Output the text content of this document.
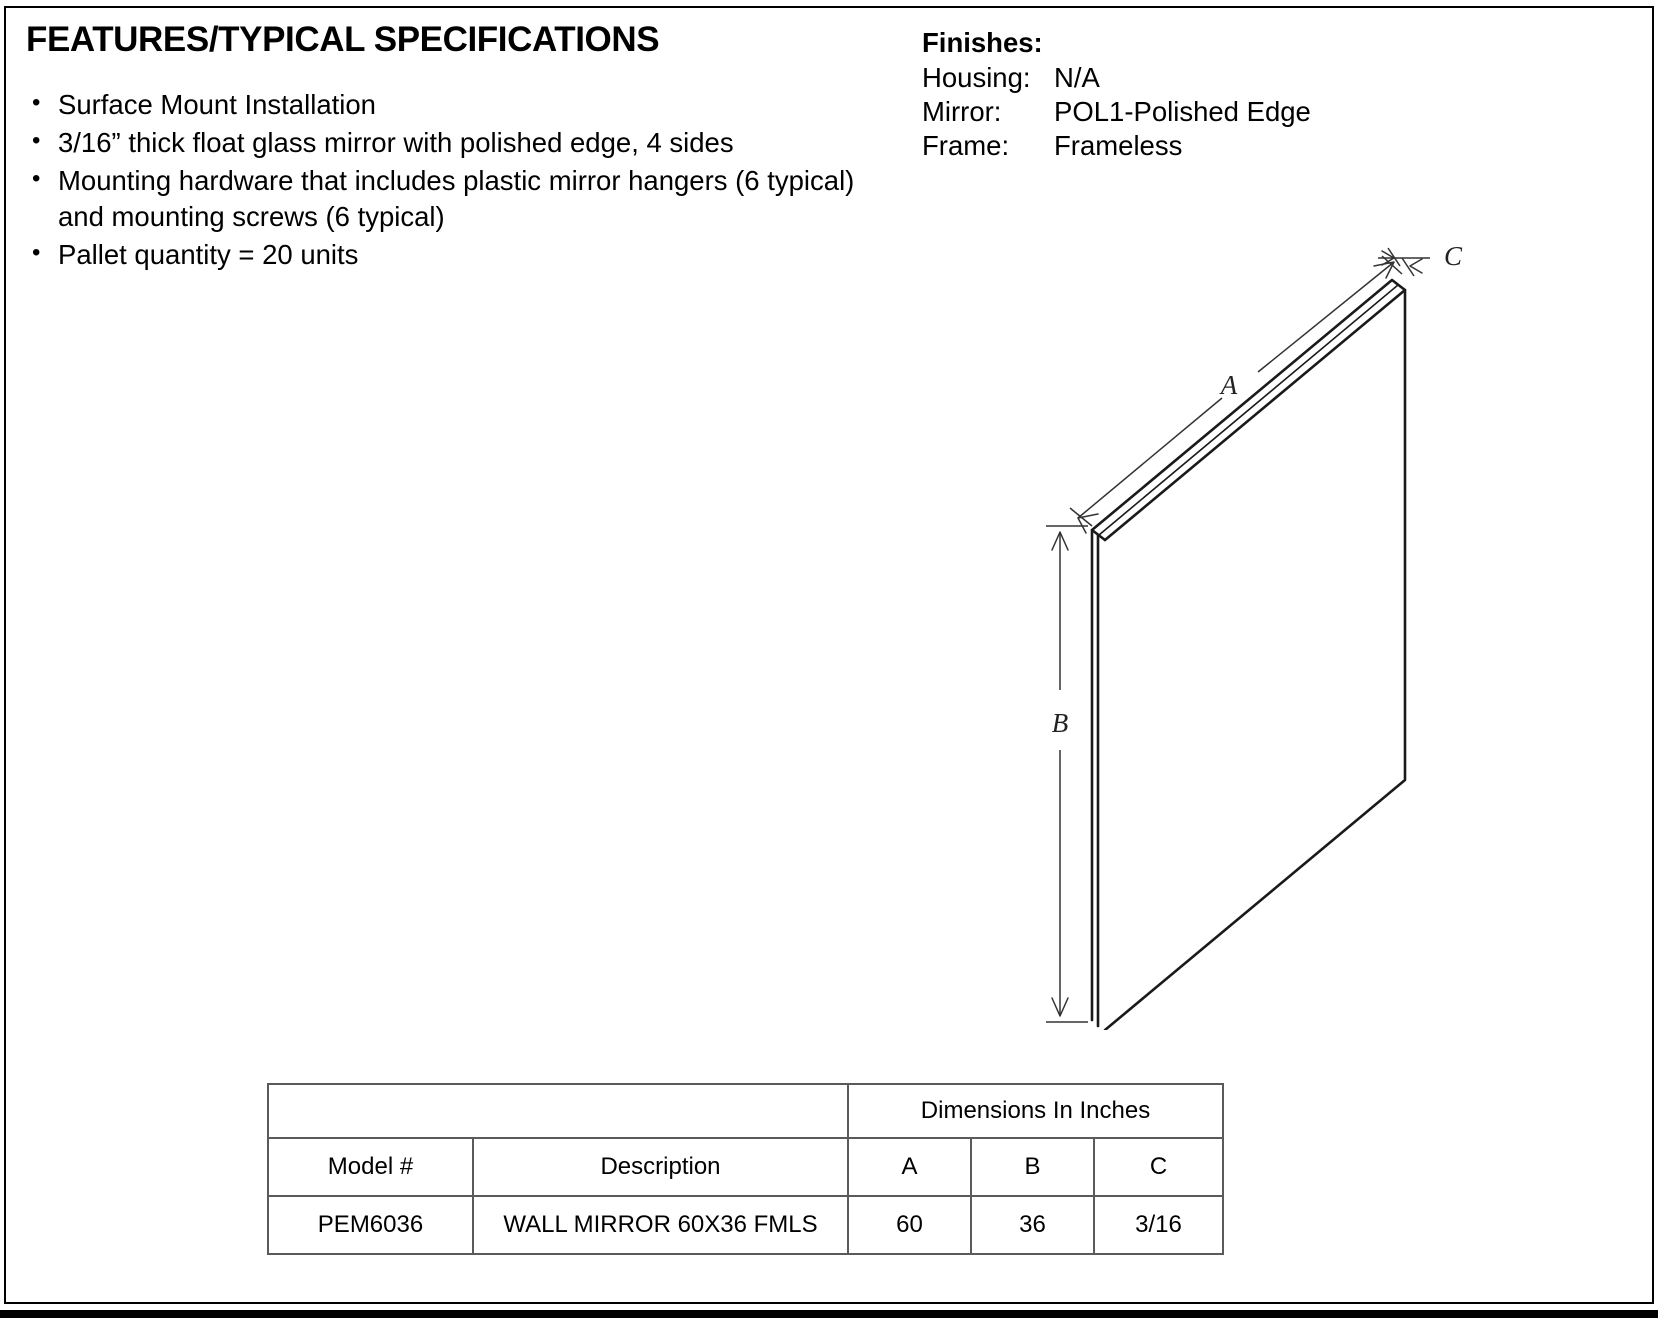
FEATURES/TYPICAL SPECIFICATIONS
• Surface Mount Installation
• 3/16” thick float glass mirror with polished edge, 4 sides
• Mounting hardware that includes plastic mirror hangers (6 typical) and mounting screws (6 typical)
• Pallet quantity = 20 units
Finishes:
Housing: N/A
Mirror:	POL1-Polished Edge
Frame:	Frameless
A
B
C
		Dimensions In Inches		
Model #	Description	A	B	C
PEM6036	WALL MIRROR 60X36 FMLS	60	36	3/16
